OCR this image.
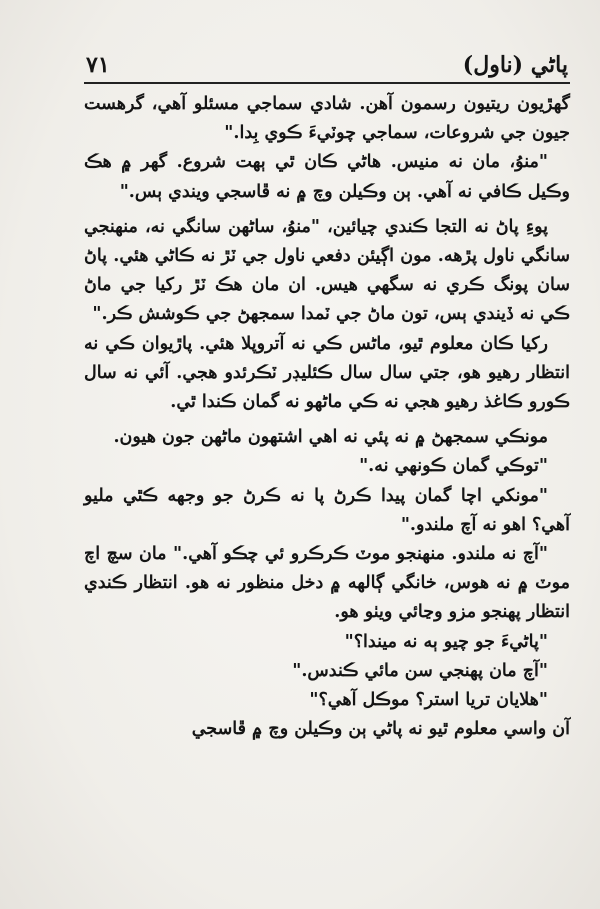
٧١	پاڻي (ناول)

گهڙيون ريتيون رسمون آهن. شادي سماجي مسئلو آهي، گرهست جيون جي شروعات، سماجي چوٽيءَ ڪوي بِدا."

"منوُ، مان نه منيس. هاڻي ڪان ٿي ٻهت شروع. گهر ۾ هڪ وڪيل ڪافي نه آهي. ٻن وڪيلن وچ ۾ نه ڦاسجي ويندي ٻس."

پوءِ پاڻ نه التجا ڪندي چيائين، "منوُ، ساڻهن سانگي نه، منهنجي سانگي ناول پڙهه. مون اڳيئن دفعي ناول جي ٽڙ نه ڪاڻي هئي. پاڻ سان پونگ ڪري نه سگهي هيس. ان مان هڪ ٽڙ رکيا جي ماڻ ڪي نه ڏيندي ٻس، تون ماڻ جي ٽمدا سمجهڻ جي ڪوشش ڪر."

رکيا ڪان معلوم ٿيو، ماڻس ڪي نه آتروپلا هئي. پاڙيوان ڪي نه انتظار رهيو هو، جتي سال سال ڪئليڊر ٽڪرئدو هجي. آئي نه سال ڪورو ڪاغذ رهيو هجي نه ڪي ماڻهو نه گمان ڪندا ٿي.

مونڪي سمجهڻ ۾ نه پئي نه اهي اشتهون ماڻهن جون هيون.

"توڪي گمان ڪونهي نه."

"مونکي اچا گمان پيدا ڪرڻ پا نه ڪرڻ جو وجهه ڪٿي مليو آهي؟ اهو نه آچ ملندو."

"آچ نه ملندو. منهنجو موٽ ڪرڪرو ئي چڪو آهي." مان سچ اچ موٽ ۾ نه هوس، خانگي ڳالهه ۾ دخل منظور نه هو. انتظار ڪندي انتظار پهنجو مزو وڃائي ويٺو هو.

"پاڻيءَ جو چيو ٻه نه ميندا؟"

"آچ مان پهنجي سن مائي ڪندس."

"هلايان تريا استر؟ موڪل آهي؟"

آن واسي معلوم ٿيو نه پاڻي ٻن وڪيلن وچ ۾ ڦاسجي
